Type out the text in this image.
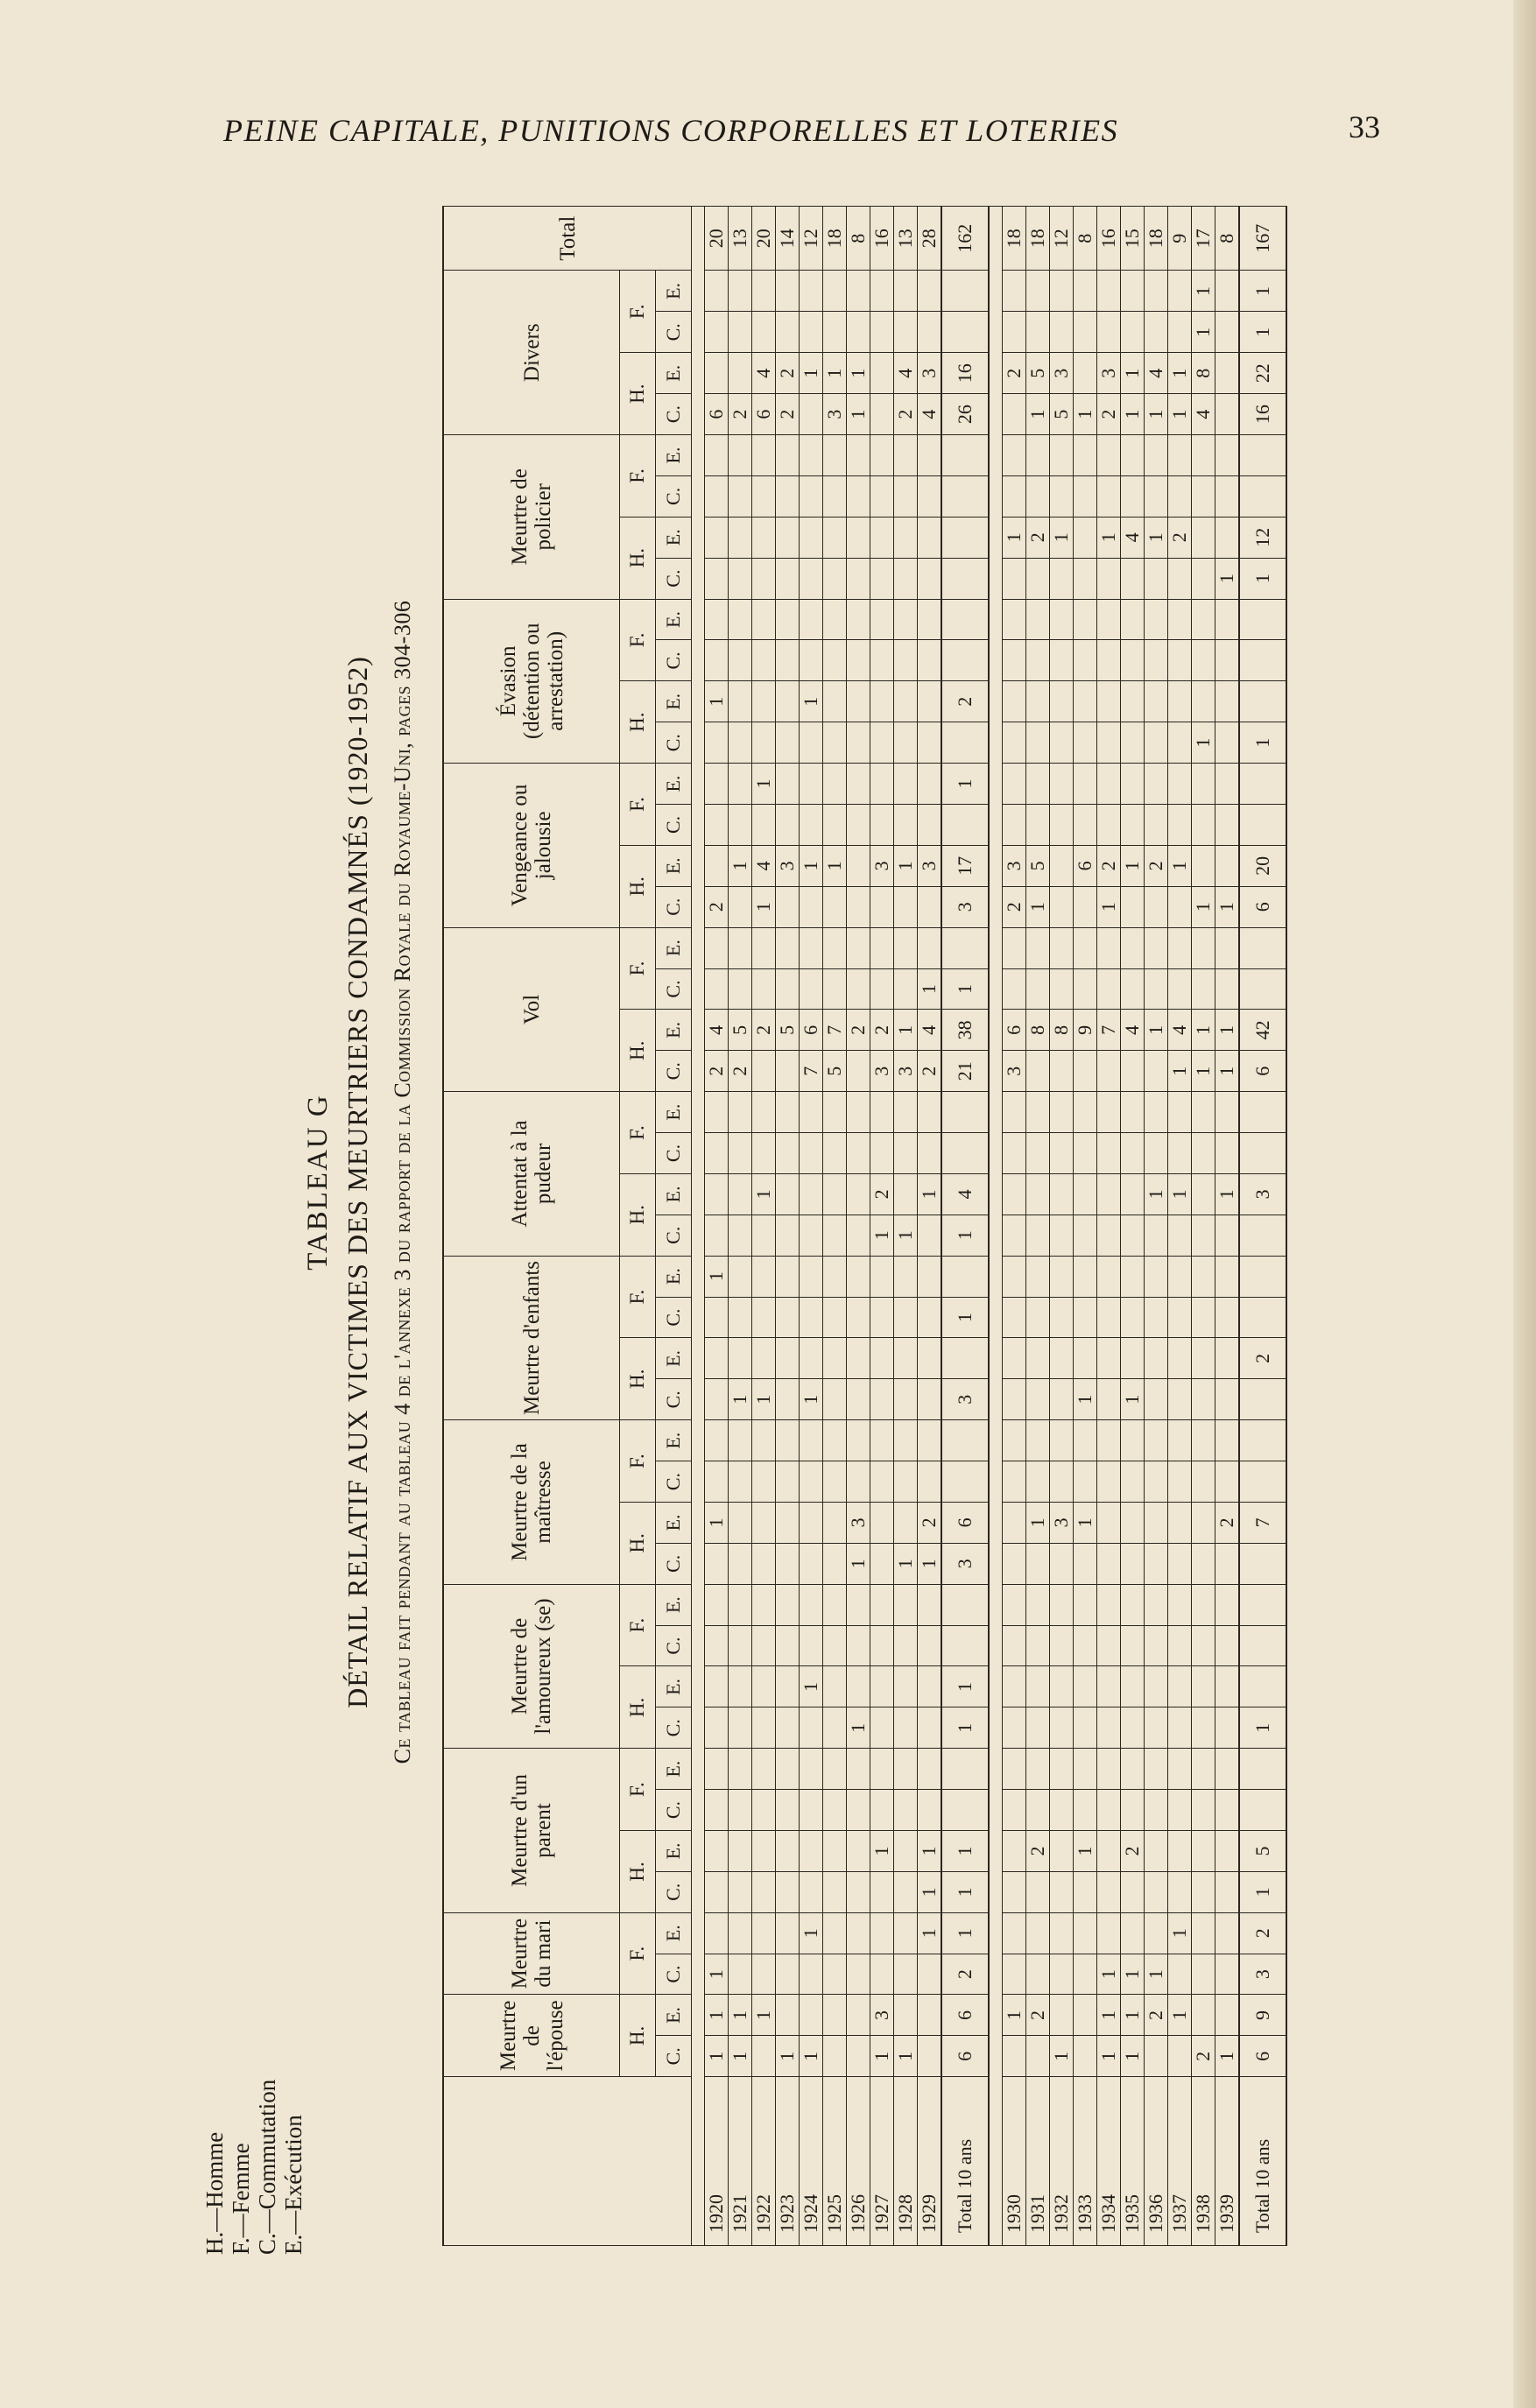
PEINE CAPITALE, PUNITIONS CORPORELLES ET LOTERIES	33
H.—Homme F.—Femme C.—Commutation E.—Exécution
TABLEAU G DÉTAIL RELATIF AUX VICTIMES DES MEURTRIERS CONDAMNÉS (1920-1952) Ce tableau fait pendant au tableau 4 de l'annexe 3 du rapport de la Commission Royale du Royaume-Uni, pages 304-306
	Meurtre de l'épouse		Meurtre du mari		Meurtre d'un parent				Meurtre de l'amoureux (se)				Meurtre de la maîtresse				Meurtre d'enfants				Attentat à la pudeur				Vol				Vengeance ou jalousie				Évasion (détention ou arrestation)				Meurtre de policier				Divers				Total
	H.		F.		H.		F.		H.		F.		H.		F.		H.		F.		H.		F.		H.		F.		H.		F.		H.		F.		H.		F.		H.		F.		
	C.	E.	C.	E.	C.	E.	C.	E.	C.	E.	C.	E.	C.	E.	C.	E.	C.	E.	C.	E.	C.	E.	C.	E.	C.	E.	C.	E.	C.	E.	C.	E.	C.	E.	C.	E.	C.	E.	C.	E.	C.	E.	C.	E.	

1920	1	1	1											1						1					2	4			2					1							6				20
1921	1	1															1								2	5				1											2				13
1922		1															1					1				2			1	4		1									6	4			20
1923	1																									5				3											2	2			14
1924	1			1						1							1								7	6				1				1								1			12
1925																									5	7				1											3	1			18
1926									1				1	3												2															1	1			8
1927	1	3				1															1	2			3	2				3															16
1928	1												1								1				3	1				1											2	4			13
1929				1	1	1							1	2								1			2	4	1			3											4	3			28
Total 10 ans	6	6	2	1	1	1			1	1			3	6			3		1		1	4			21	38	1		3	17		1		2							26	16			162

1930		1																							3	6			2	3								1				2			18
1931		2				2								1												8			1	5								2			1	5			18
1932	1													3												8												1			5	3			12
1933						1								1			1									9				6											1				8
1934	1	1	1																							7			1	2								1			2	3			16
1935	1	1	1			2											1									4				1								4			1	1			15
1936		2	1																			1				1				2								1			1	4			18
1937		1		1																		1			1	4				1								2			1	1			9
1938	2																								1	1			1				1								4	8	1	1	17
1939	1													2								1			1	1			1								1								8
Total 10 ans	6	9	3	2	1	5			1					7				2				3			6	42			6	20			1				1	12			16	22	1	1	167
